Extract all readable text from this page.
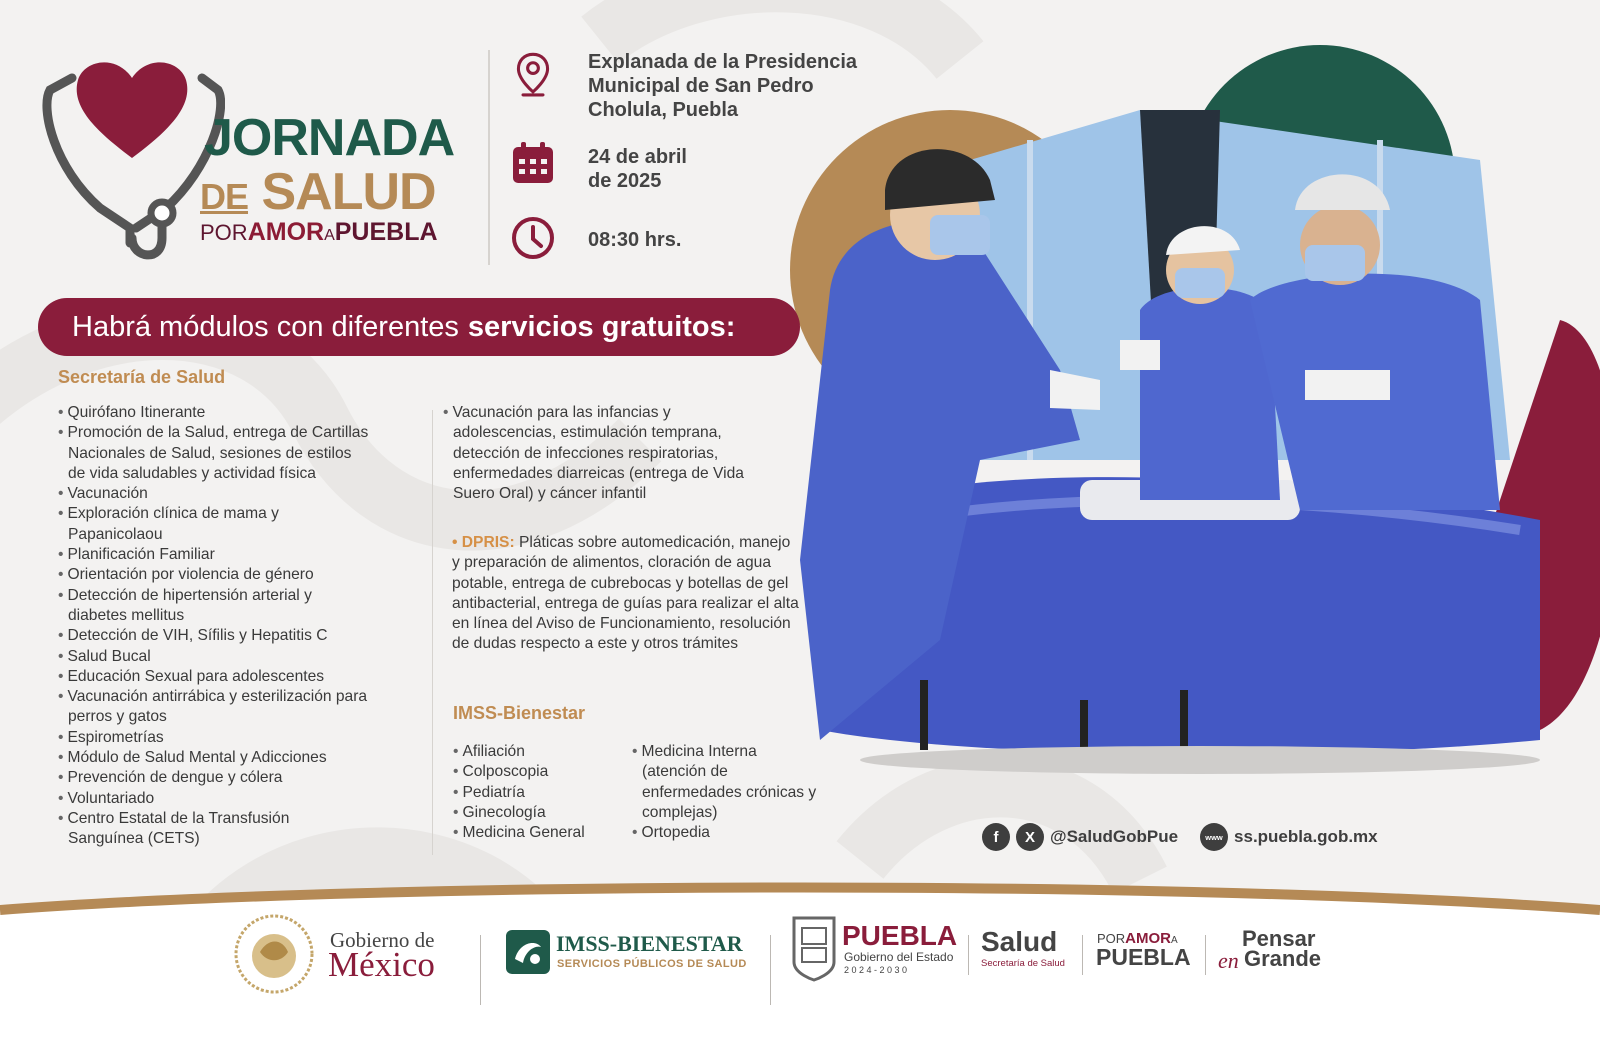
JORNADA
DE SALUD
PORAMORAPUEBLA
Explanada de la Presidencia
Municipal de San Pedro
Cholula, Puebla
24 de abril
de 2025
08:30 hrs.
Habrá módulos con diferentes servicios gratuitos:
Secretaría de Salud
• Quirófano Itinerante
• Promoción de la Salud, entrega de Cartillas Nacionales de Salud, sesiones de estilos de vida saludables y actividad física
• Vacunación
• Exploración clínica de mama y Papanicolaou
• Planificación Familiar
• Orientación por violencia de género
• Detección de hipertensión arterial y diabetes mellitus
• Detección de VIH, Sífilis y Hepatitis C
• Salud Bucal
• Educación Sexual para adolescentes
• Vacunación antirrábica y esterilización para perros y gatos
• Espirometrías
• Módulo de Salud Mental y Adicciones
• Prevención de dengue y cólera
• Voluntariado
• Centro Estatal de la Transfusión Sanguínea (CETS)
• Vacunación para las infancias y adolescencias, estimulación temprana, detección de infecciones respiratorias, enfermedades diarreicas (entrega de Vida Suero Oral) y cáncer infantil
• DPRIS: Pláticas sobre automedicación, manejo y preparación de alimentos, cloración de agua potable, entrega de cubrebocas y botellas de gel antibacterial, entrega de guías para realizar el alta en línea del Aviso de Funcionamiento, resolución de dudas respecto a este y otros trámites
IMSS-Bienestar
• Afiliación
• Colposcopia
• Pediatría
• Ginecología
• Medicina General
• Medicina Interna (atención de enfermedades crónicas y complejas)
• Ortopedia	f	X @SaludGobPue	www ss.puebla.gob.mx
Gobierno de
México
IMSS-BIENESTAR
SERVICIOS PÚBLICOS DE SALUD
PUEBLA
Gobierno del Estado
2 0 2 4 - 2 0 3 0
Salud
Secretaría de Salud
PORAMORA
PUEBLA
Pensar
en Grande
